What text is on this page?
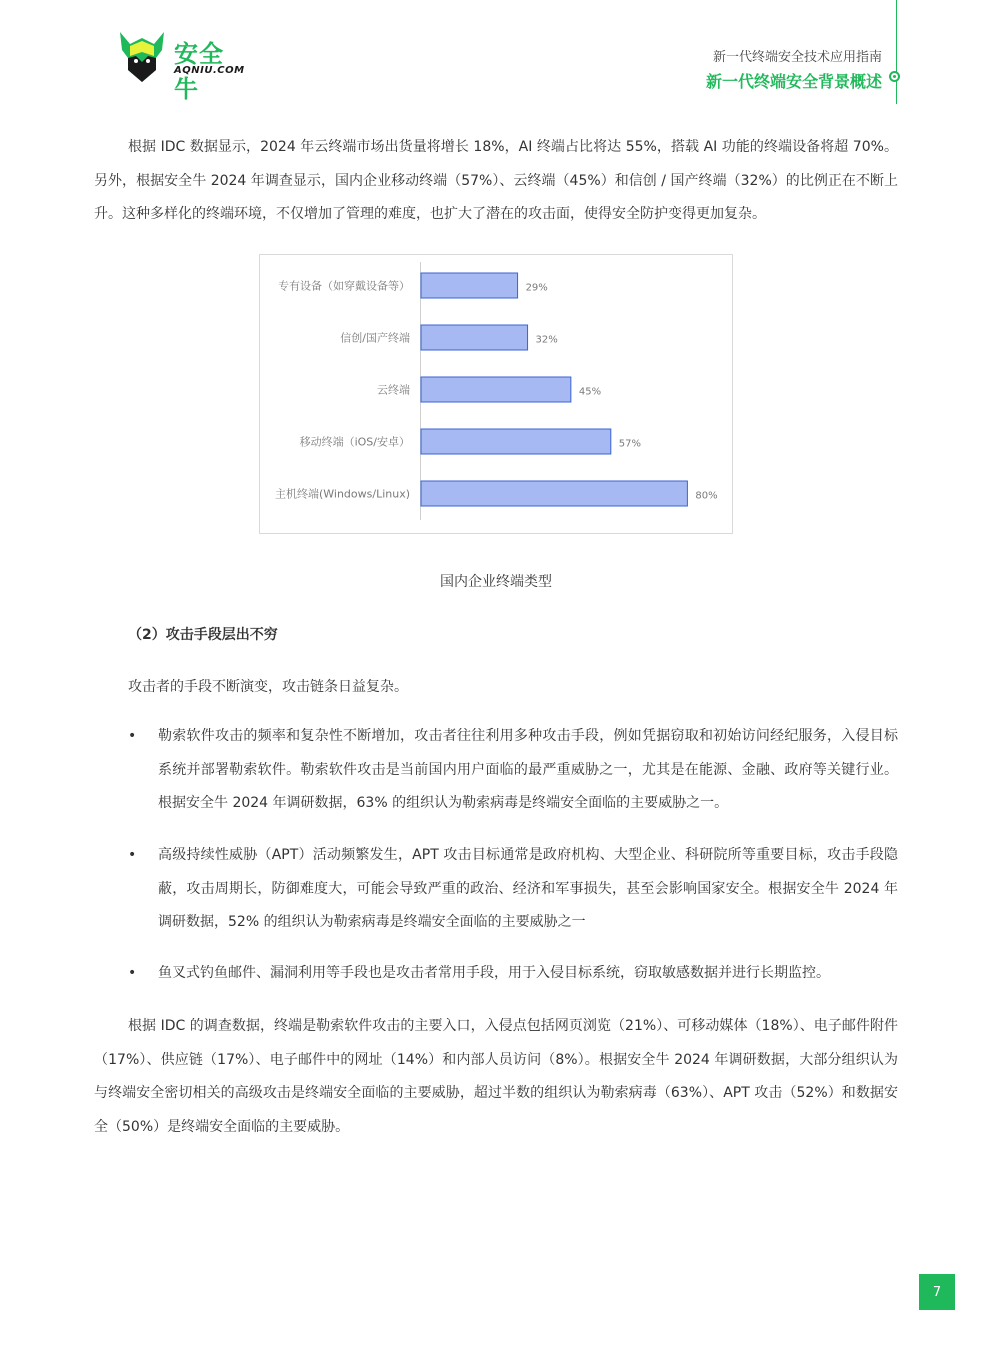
安全牛
AQNIU.COM
新一代终端安全技术应用指南
新一代终端安全背景概述

根据 IDC 数据显示，2024 年云终端市场出货量将增长 18%，AI 终端占比将达 55%，搭载 AI 功能的终端设备将超 70%。另外，根据安全牛 2024 年调查显示，国内企业移动终端（57%）、云终端（45%）和信创 / 国产终端（32%）的比例正在不断上升。这种多样化的终端环境，不仅增加了管理的难度，也扩大了潜在的攻击面，使得安全防护变得更加复杂。

专有设备（如穿戴设备等）	29%
信创/国产终端	32%
云终端	45%
移动终端（iOS/安卓）	57%
主机终端(Windows/Linux)	80%
国内企业终端类型
（2）攻击手段层出不穷
攻击者的手段不断演变，攻击链条日益复杂。
• 勒索软件攻击的频率和复杂性不断增加，攻击者往往利用多种攻击手段，例如凭据窃取和初始访问经纪服务，入侵目标系统并部署勒索软件。勒索软件攻击是当前国内用户面临的最严重威胁之一，尤其是在能源、金融、政府等关键行业。根据安全牛 2024 年调研数据，63% 的组织认为勒索病毒是终端安全面临的主要威胁之一。

• 高级持续性威胁（APT）活动频繁发生，APT 攻击目标通常是政府机构、大型企业、科研院所等重要目标，攻击手段隐蔽，攻击周期长，防御难度大，可能会导致严重的政治、经济和军事损失，甚至会影响国家安全。根据安全牛 2024 年调研数据，52% 的组织认为勒索病毒是终端安全面临的主要威胁之一

• 鱼叉式钓鱼邮件、漏洞利用等手段也是攻击者常用手段，用于入侵目标系统，窃取敏感数据并进行长期监控。

根据 IDC 的调查数据，终端是勒索软件攻击的主要入口，入侵点包括网页浏览（21%）、可移动媒体（18%）、电子邮件附件（17%）、供应链（17%）、电子邮件中的网址（14%）和内部人员访问（8%）。根据安全牛 2024 年调研数据，大部分组织认为与终端安全密切相关的高级攻击是终端安全面临的主要威胁，超过半数的组织认为勒索病毒（63%）、APT 攻击（52%）和数据安全（50%）是终端安全面临的主要威胁。

7
